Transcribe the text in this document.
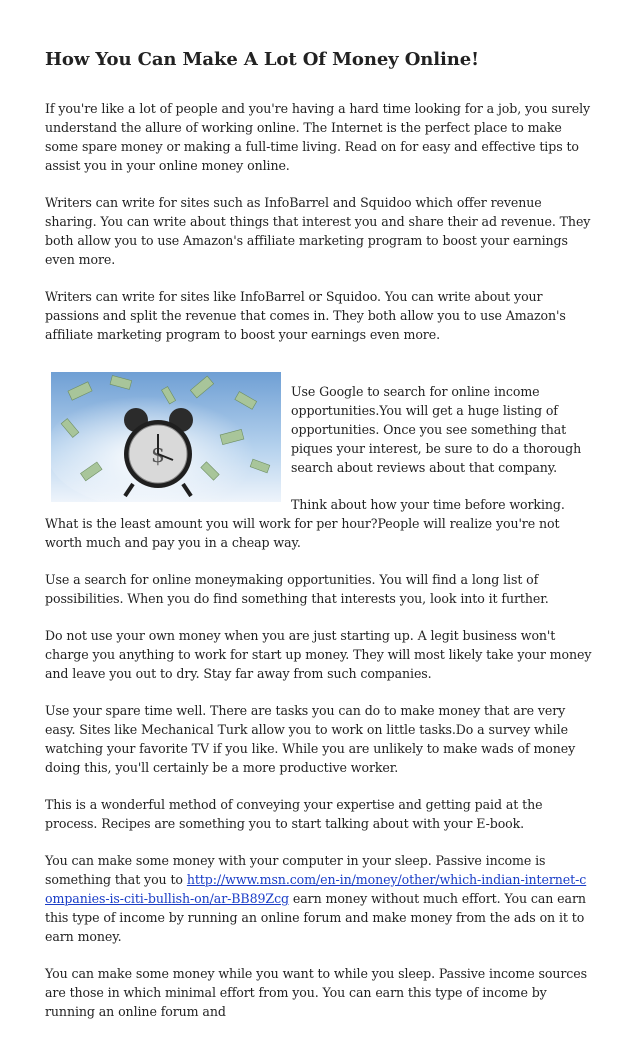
How You Can Make A Lot Of Money Online!

If you're like a lot of people and you're having a hard time looking for a job, you surely understand the allure of working online. The Internet is the perfect place to make some spare money or making a full-time living. Read on for easy and effective tips to assist you in your online money online.

Writers can write for sites such as InfoBarrel and Squidoo which offer revenue sharing. You can write about things that interest you and share their ad revenue. They both allow you to use Amazon's affiliate marketing program to boost your earnings even more.

Writers can write for sites like InfoBarrel or Squidoo. You can write about your passions and split the revenue that comes in. They both allow you to use Amazon's affiliate marketing program to boost your earnings even more.

$

Use Google to search for online income opportunities.You will get a huge listing of opportunities. Once you see something that piques your interest, be sure to do a thorough search about reviews about that company.

Think about how your time before working. What is the least amount you will work for per hour?People will realize you're not worth much and pay you in a cheap way.

Use a search for online moneymaking opportunities. You will find a long list of possibilities. When you do find something that interests you, look into it further.

Do not use your own money when you are just starting up. A legit business won't charge you anything to work for start up money. They will most likely take your money and leave you out to dry. Stay far away from such companies.

Use your spare time well. There are tasks you can do to make money that are very easy. Sites like Mechanical Turk allow you to work on little tasks.Do a survey while watching your favorite TV if you like. While you are unlikely to make wads of money doing this, you'll certainly be a more productive worker.

This is a wonderful method of conveying your expertise and getting paid at the process. Recipes are something you to start talking about with your E-book.

You can make some money with your computer in your sleep. Passive income is something that you to http://www.msn.com/en-in/money/other/which-indian-internet-companies-is-citi-bullish-on/ar-BB89Zcg earn money without much effort. You can earn this type of income by running an online forum and make money from the ads on it to earn money.

You can make some money while you want to while you sleep. Passive income sources are those in which minimal effort from you. You can earn this type of income by running an online forum and
